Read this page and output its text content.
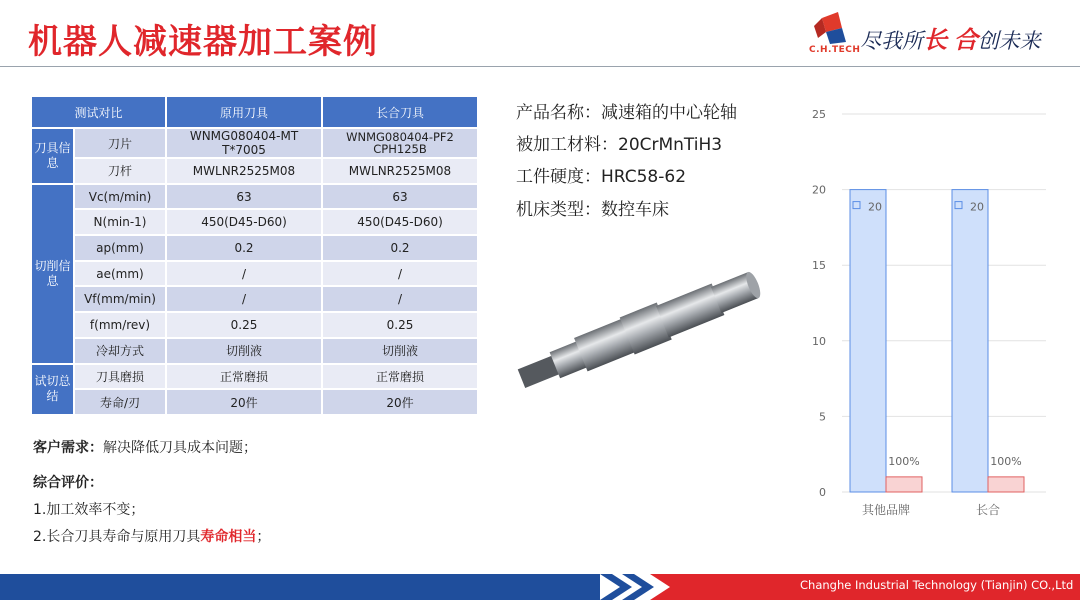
机器人减速器加工案例	C.H.TECH 尽我所长 合创未来
测试对比		原用刀具	长合刀具
刀具信息	刀片	WNMG080404-MT T*7005	WNMG080404-PF2 CPH125B
	刀杆	MWLNR2525M08	MWLNR2525M08
切削信息	Vc(m/min)	63	63
	N(min-1)	450(D45-D60)	450(D45-D60)
	ap(mm)	0.2	0.2
	ae(mm)	/	/
	Vf(mm/min)	/	/
	f(mm/rev)	0.25	0.25
	冷却方式	切削液	切削液
试切总结	刀具磨损	正常磨损	正常磨损
	寿命/刃	20件	20件
客户需求：解决降低刀具成本问题；
综合评价：
1.加工效率不变；
2.长合刀具寿命与原用刀具寿命相当；
产品名称：减速箱的中心轮轴
被加工材料：20CrMnTiH3
工件硬度：HRC58-62
机床类型：数控车床
0
5
10
15
20
25
20
100%
其他品牌
20
100%
长合
Changhe Industrial Technology (Tianjin) CO.,Ltd
